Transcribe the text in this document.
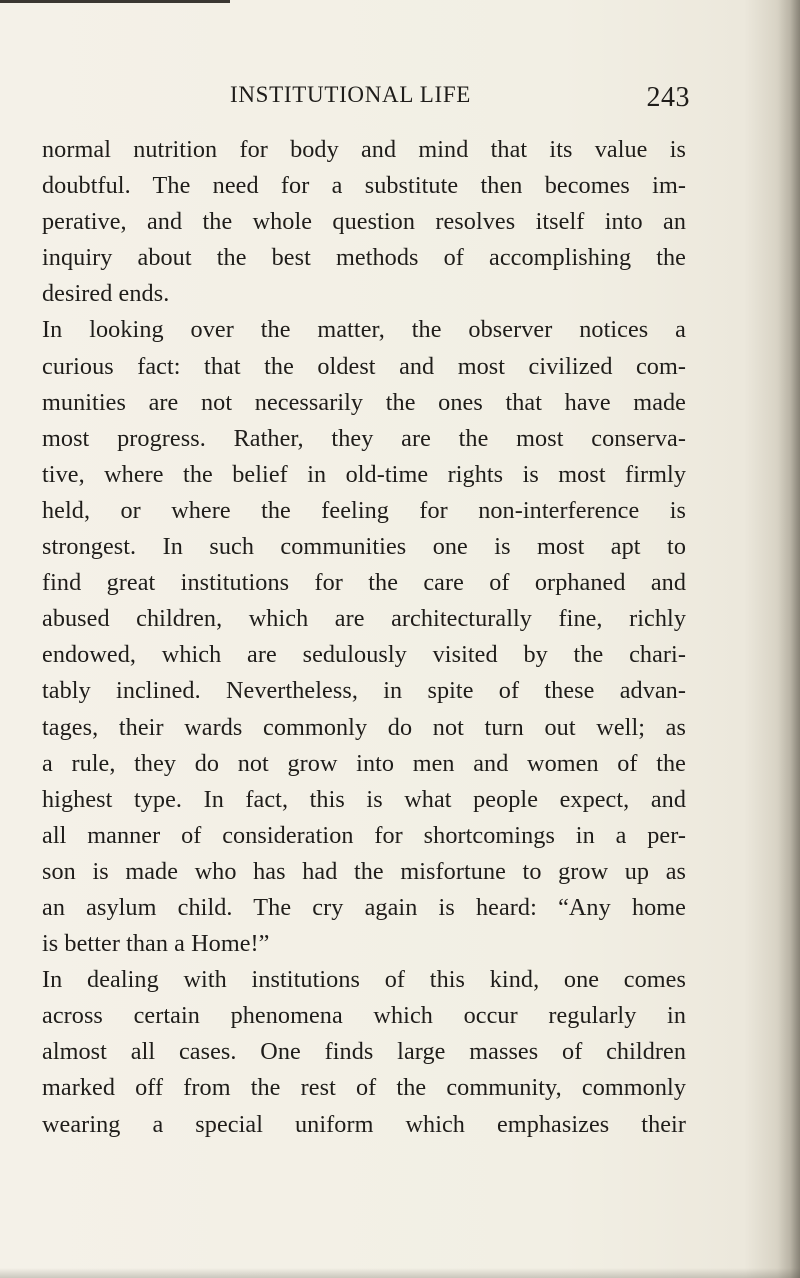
INSTITUTIONAL LIFE	243
normal nutrition for body and mind that its value is
doubtful. The need for a substitute then becomes im-
perative, and the whole question resolves itself into an
inquiry about the best methods of accomplishing the
desired ends.
In looking over the matter, the observer notices a
curious fact: that the oldest and most civilized com-
munities are not necessarily the ones that have made
most progress. Rather, they are the most conserva-
tive, where the belief in old-time rights is most firmly
held, or where the feeling for non-interference is
strongest. In such communities one is most apt to
find great institutions for the care of orphaned and
abused children, which are architecturally fine, richly
endowed, which are sedulously visited by the chari-
tably inclined. Nevertheless, in spite of these advan-
tages, their wards commonly do not turn out well; as
a rule, they do not grow into men and women of the
highest type. In fact, this is what people expect, and
all manner of consideration for shortcomings in a per-
son is made who has had the misfortune to grow up as
an asylum child. The cry again is heard: “Any home
is better than a Home!”
In dealing with institutions of this kind, one comes
across certain phenomena which occur regularly in
almost all cases. One finds large masses of children
marked off from the rest of the community, commonly
wearing a special uniform which emphasizes their
